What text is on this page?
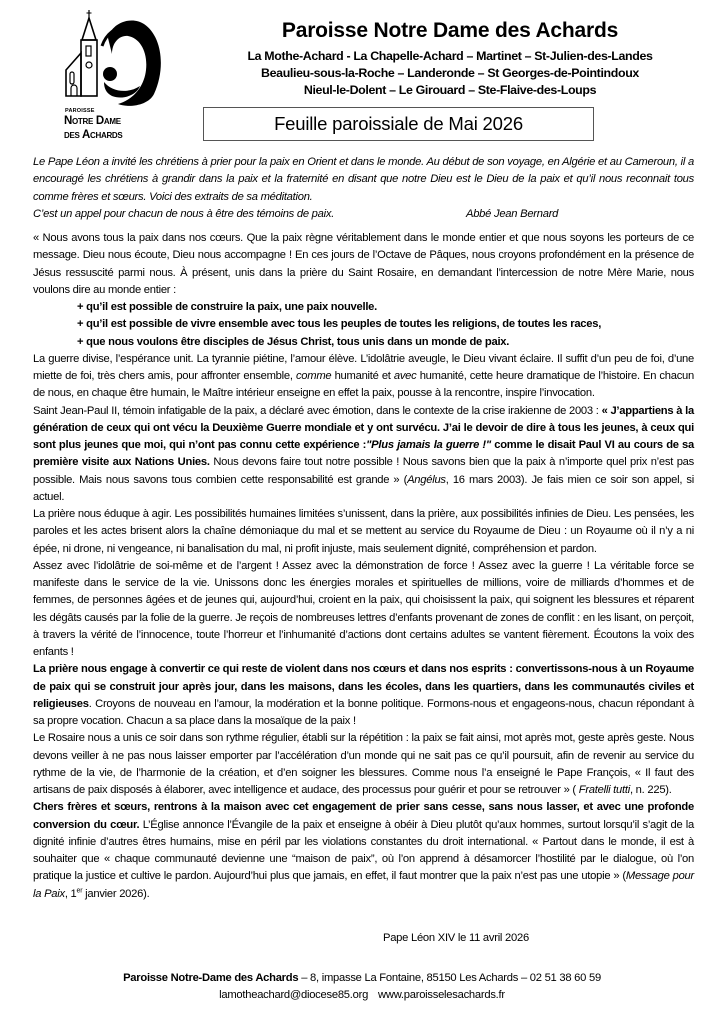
PAROISSE
Notre Dame
des Achards
Paroisse Notre Dame des Achards
La Mothe-Achard - La Chapelle-Achard – Martinet – St-Julien-des-Landes
Beaulieu-sous-la-Roche – Landeronde – St Georges-de-Pointindoux
Nieul-le-Dolent – Le Girouard – Ste-Flaive-des-Loups
Feuille paroissiale de Mai 2026

Le Pape Léon a invité les chrétiens à prier pour la paix en Orient et dans le monde. Au début de son voyage, en Algérie et au Cameroun, il a encouragé les chrétiens à grandir dans la paix et la fraternité en disant que notre Dieu est le Dieu de la paix et qu’il nous reconnait tous comme frères et sœurs. Voici des extraits de sa méditation.

C’est un appel pour chacun de nous à être des témoins de paix.	Abbé Jean Bernard

« Nous avons tous la paix dans nos cœurs. Que la paix règne véritablement dans le monde entier et que nous soyons les porteurs de ce message. Dieu nous écoute, Dieu nous accompagne ! En ces jours de l’Octave de Pâques, nous croyons profondément en la présence de Jésus ressuscité parmi nous. À présent, unis dans la prière du Saint Rosaire, en demandant l’intercession de notre Mère Marie, nous voulons dire au monde entier :

+ qu’il est possible de construire la paix, une paix nouvelle.

+ qu’il est possible de vivre ensemble avec tous les peuples de toutes les religions, de toutes les races,

+ que nous voulons être disciples de Jésus Christ, tous unis dans un monde de paix.

La guerre divise, l’espérance unit. La tyrannie piétine, l’amour élève. L’idolâtrie aveugle, le Dieu vivant éclaire. Il suffit d’un peu de foi, d’une miette de foi, très chers amis, pour affronter ensemble, comme humanité et avec humanité, cette heure dramatique de l’histoire. En chacun de nous, en chaque être humain, le Maître intérieur enseigne en effet la paix, pousse à la rencontre, inspire l’invocation.

Saint Jean-Paul II, témoin infatigable de la paix, a déclaré avec émotion, dans le contexte de la crise irakienne de 2003 : « J’appartiens à la génération de ceux qui ont vécu la Deuxième Guerre mondiale et y ont survécu. J’ai le devoir de dire à tous les jeunes, à ceux qui sont plus jeunes que moi, qui n’ont pas connu cette expérience :"Plus jamais la guerre !" comme le disait Paul VI au cours de sa première visite aux Nations Unies. Nous devons faire tout notre possible ! Nous savons bien que la paix à n’importe quel prix n’est pas possible. Mais nous savons tous combien cette responsabilité est grande » (Angélus, 16 mars 2003). Je fais mien ce soir son appel, si actuel.

La prière nous éduque à agir. Les possibilités humaines limitées s’unissent, dans la prière, aux possibilités infinies de Dieu. Les pensées, les paroles et les actes brisent alors la chaîne démoniaque du mal et se mettent au service du Royaume de Dieu : un Royaume où il n’y a ni épée, ni drone, ni vengeance, ni banalisation du mal, ni profit injuste, mais seulement dignité, compréhension et pardon.

Assez avec l’idolâtrie de soi-même et de l’argent ! Assez avec la démonstration de force ! Assez avec la guerre ! La véritable force se manifeste dans le service de la vie. Unissons donc les énergies morales et spirituelles de millions, voire de milliards d’hommes et de femmes, de personnes âgées et de jeunes qui, aujourd’hui, croient en la paix, qui choisissent la paix, qui soignent les blessures et réparent les dégâts causés par la folie de la guerre. Je reçois de nombreuses lettres d’enfants provenant de zones de conflit : en les lisant, on perçoit, à travers la vérité de l’innocence, toute l’horreur et l’inhumanité d’actions dont certains adultes se vantent fièrement. Écoutons la voix des enfants !

La prière nous engage à convertir ce qui reste de violent dans nos cœurs et dans nos esprits : convertissons-nous à un Royaume de paix qui se construit jour après jour, dans les maisons, dans les écoles, dans les quartiers, dans les communautés civiles et religieuses. Croyons de nouveau en l’amour, la modération et la bonne politique. Formons-nous et engageons-nous, chacun répondant à sa propre vocation. Chacun a sa place dans la mosaïque de la paix !

Le Rosaire nous a unis ce soir dans son rythme régulier, établi sur la répétition : la paix se fait ainsi, mot après mot, geste après geste. Nous devons veiller à ne pas nous laisser emporter par l’accélération d’un monde qui ne sait pas ce qu’il poursuit, afin de revenir au service du rythme de la vie, de l’harmonie de la création, et d’en soigner les blessures. Comme nous l’a enseigné le Pape François, « Il faut des artisans de paix disposés à élaborer, avec intelligence et audace, des processus pour guérir et pour se retrouver » ( Fratelli tutti, n. 225).

Chers frères et sœurs, rentrons à la maison avec cet engagement de prier sans cesse, sans nous lasser, et avec une profonde conversion du cœur. L’Église annonce l’Évangile de la paix et enseigne à obéir à Dieu plutôt qu’aux hommes, surtout lorsqu’il s’agit de la dignité infinie d’autres êtres humains, mise en péril par les violations constantes du droit international. « Partout dans le monde, il est à souhaiter que « chaque communauté devienne une “maison de paix”, où l’on apprend à désamorcer l’hostilité par le dialogue, où l’on pratique la justice et cultive le pardon. Aujourd’hui plus que jamais, en effet, il faut montrer que la paix n’est pas une utopie » (Message pour la Paix, 1er janvier 2026).

Pape Léon XIV le 11 avril 2026
Paroisse Notre-Dame des Achards – 8, impasse La Fontaine, 85150 Les Achards – 02 51 38 60 59
lamotheachard@diocese85.org www.paroisselesachards.fr
